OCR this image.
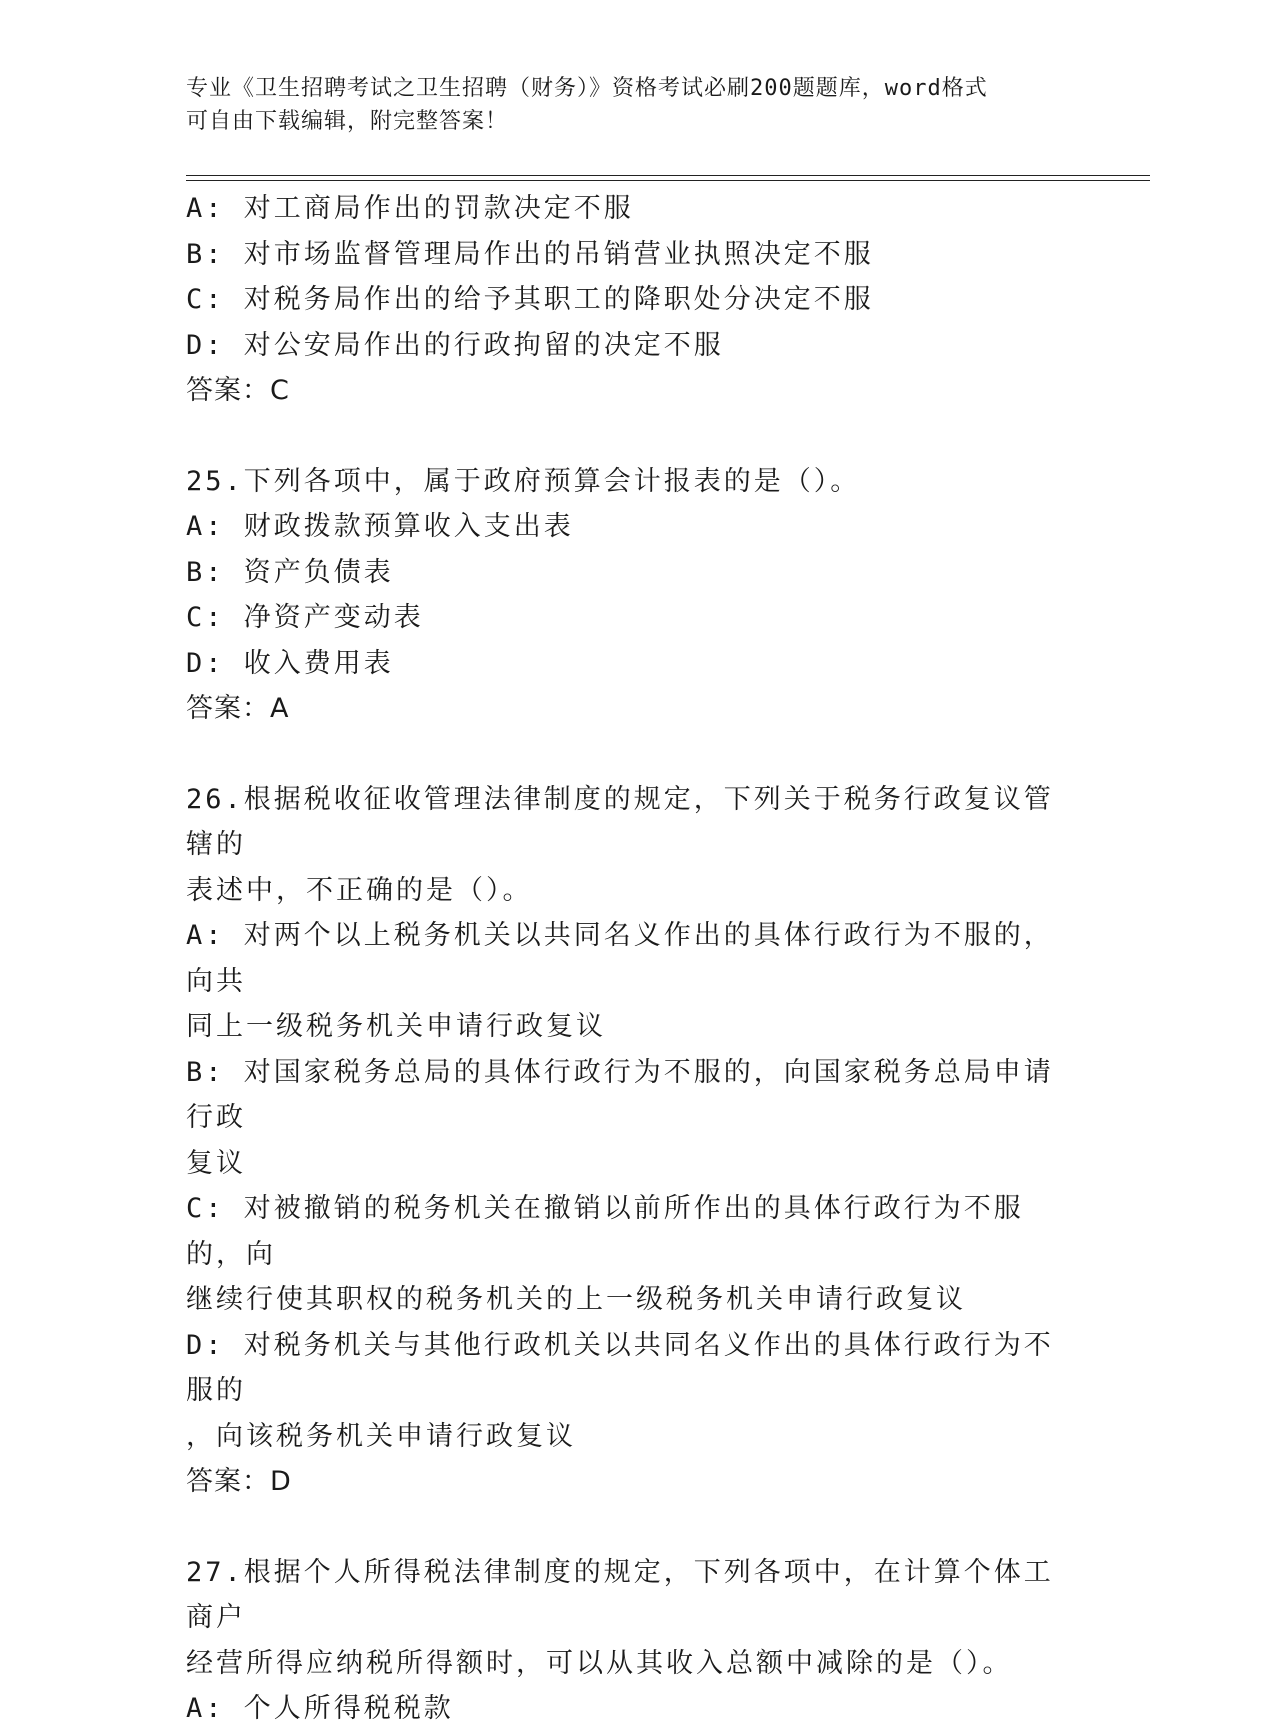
专业《卫生招聘考试之卫生招聘（财务）》资格考试必刷200题题库，word格式
可自由下载编辑，附完整答案！
A: 对工商局作出的罚款决定不服
B: 对市场监督管理局作出的吊销营业执照决定不服
C: 对税务局作出的给予其职工的降职处分决定不服
D: 对公安局作出的行政拘留的决定不服
答案：C
25.下列各项中，属于政府预算会计报表的是（）。
A: 财政拨款预算收入支出表
B: 资产负债表
C: 净资产变动表
D: 收入费用表
答案：A
26.根据税收征收管理法律制度的规定，下列关于税务行政复议管辖的
表述中，不正确的是（）。
A: 对两个以上税务机关以共同名义作出的具体行政行为不服的，向共
同上一级税务机关申请行政复议
B: 对国家税务总局的具体行政行为不服的，向国家税务总局申请行政
复议
C: 对被撤销的税务机关在撤销以前所作出的具体行政行为不服的，向
继续行使其职权的税务机关的上一级税务机关申请行政复议
D: 对税务机关与其他行政机关以共同名义作出的具体行政行为不服的
，向该税务机关申请行政复议
答案：D
27.根据个人所得税法律制度的规定，下列各项中，在计算个体工商户
经营所得应纳税所得额时，可以从其收入总额中减除的是（）。
A: 个人所得税税款
